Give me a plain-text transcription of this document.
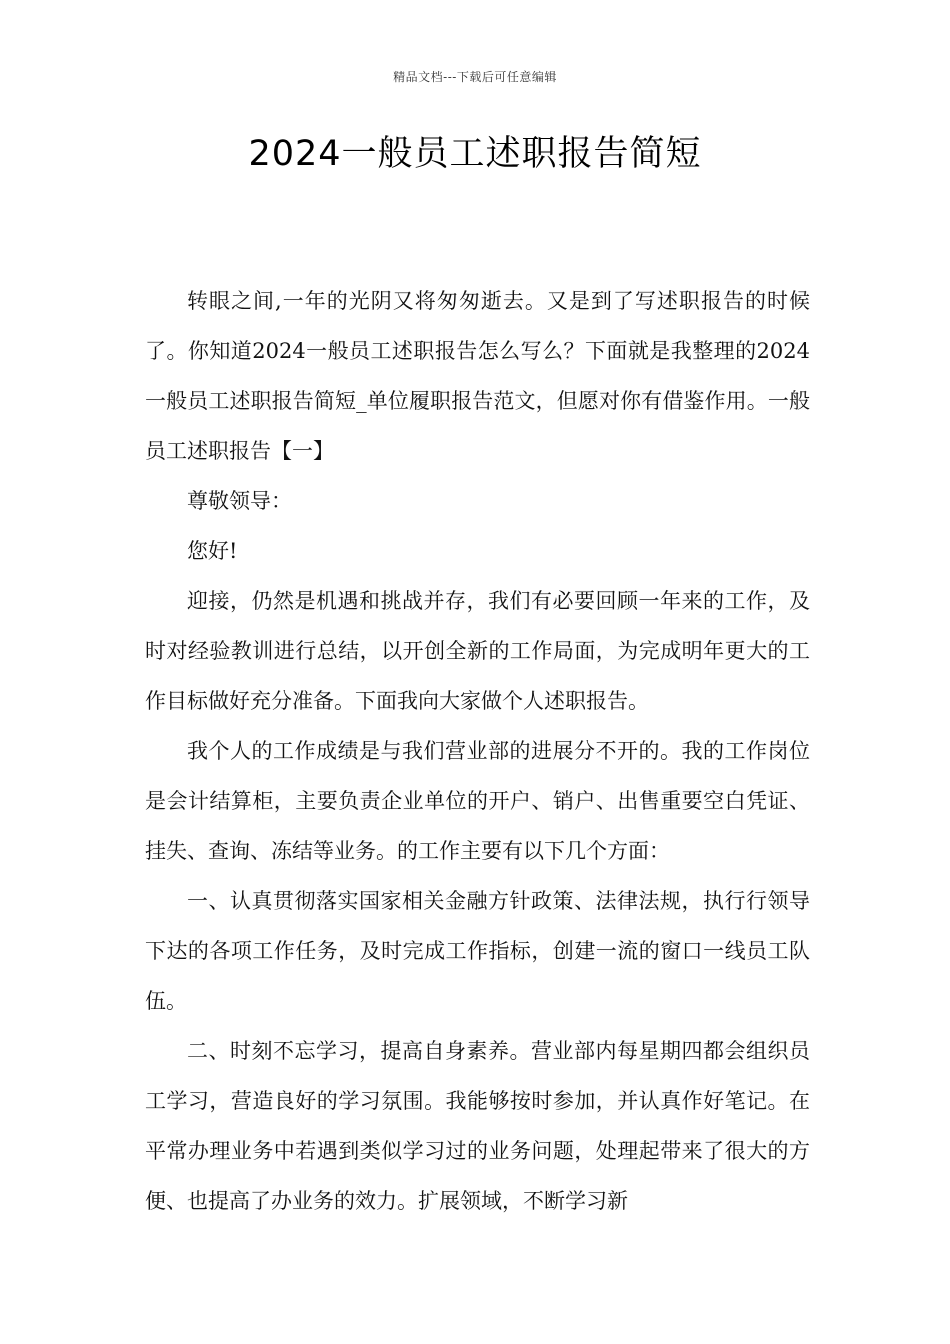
精品文档---下载后可任意编辑
2024一般员工述职报告简短

转眼之间,一年的光阴又将匆匆逝去。又是到了写述职报告的时候了。你知道2024一般员工述职报告怎么写么？下面就是我整理的2024一般员工述职报告简短_单位履职报告范文，但愿对你有借鉴作用。一般员工述职报告【一】

尊敬领导：

您好!

迎接，仍然是机遇和挑战并存，我们有必要回顾一年来的工作，及时对经验教训进行总结，以开创全新的工作局面，为完成明年更大的工作目标做好充分准备。下面我向大家做个人述职报告。

我个人的工作成绩是与我们营业部的进展分不开的。我的工作岗位是会计结算柜，主要负责企业单位的开户、销户、出售重要空白凭证、挂失、查询、冻结等业务。的工作主要有以下几个方面：

一、认真贯彻落实国家相关金融方针政策、法律法规，执行行领导下达的各项工作任务，及时完成工作指标，创建一流的窗口一线员工队伍。

二、时刻不忘学习，提高自身素养。营业部内每星期四都会组织员工学习，营造良好的学习氛围。我能够按时参加，并认真作好笔记。在平常办理业务中若遇到类似学习过的业务问题，处理起带来了很大的方便、也提高了办业务的效力。扩展领域，不断学习新
